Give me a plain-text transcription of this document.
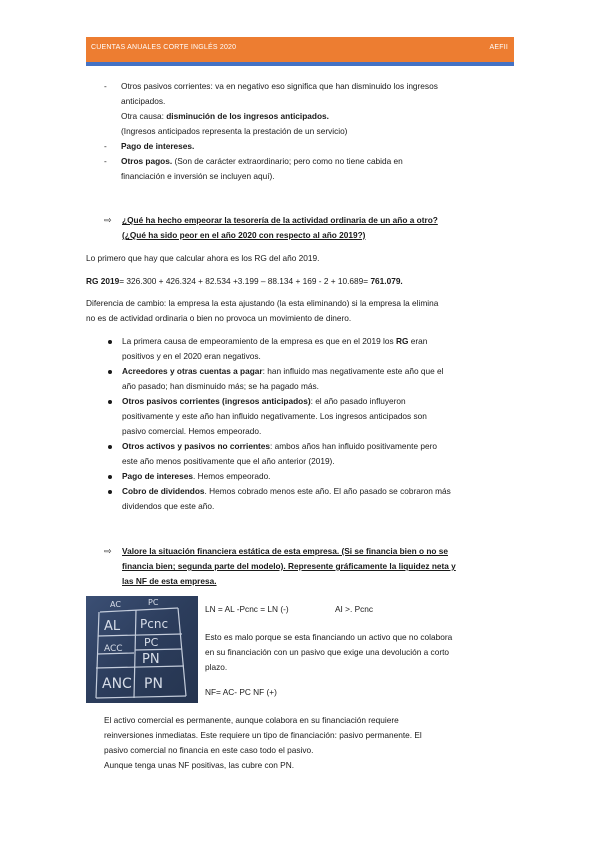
CUENTAS ANUALES CORTE INGLÉS 2020	AEFII
- Otros pasivos corrientes: va en negativo eso significa que han disminuido los ingresos
anticipados.
Otra causa: disminución de los ingresos anticipados.
(Ingresos anticipados representa la prestación de un servicio)
- Pago de intereses.
- Otros pagos. (Son de carácter extraordinario; pero como no tiene cabida en
financiación e inversión se incluyen aquí).
⇨ ¿Qué ha hecho empeorar la tesorería de la actividad ordinaria de un año a otro?
(¿Qué ha sido peor en el año 2020 con respecto al año 2019?)
Lo primero que hay que calcular ahora es los RG del año 2019.
RG 2019= 326.300 + 426.324 + 82.534 +3.199 – 88.134 + 169 - 2 + 10.689= 761.079.
Diferencia de cambio: la empresa la esta ajustando (la esta eliminando) si la empresa la elimina
no es de actividad ordinaria o bien no provoca un movimiento de dinero.
La primera causa de empeoramiento de la empresa es que en el 2019 los RG eran
positivos y en el 2020 eran negativos.
Acreedores y otras cuentas a pagar: han influido mas negativamente este año que el
año pasado; han disminuido más; se ha pagado más.
Otros pasivos corrientes (ingresos anticipados): el año pasado influyeron
positivamente y este año han influido negativamente. Los ingresos anticipados son
pasivo comercial. Hemos empeorado.
Otros activos y pasivos no corrientes: ambos años han influido positivamente pero
este año menos positivamente que el año anterior (2019).
Pago de intereses. Hemos empeorado.
Cobro de dividendos. Hemos cobrado menos este año. El año pasado se cobraron más
dividendos que este año.
⇨ Valore la situación financiera estática de esta empresa. (Si se financia bien o no se
financia bien; segunda parte del modelo). Represente gráficamente la liquidez neta y
las NF de esta empresa.
AC	PC
AL Pcnc
ACC PC
PN
ANC PN
LN = AL -Pcnc = LN (-)	AI >. Pcnc
Esto es malo porque se esta financiando un activo que no colabora
en su financiación con un pasivo que exige una devolución a corto
plazo.
NF= AC- PC NF (+)
El activo comercial es permanente, aunque colabora en su financiación requiere
reinversiones inmediatas. Este requiere un tipo de financiación: pasivo permanente. El
pasivo comercial no financia en este caso todo el pasivo.
Aunque tenga unas NF positivas, las cubre con PN.
